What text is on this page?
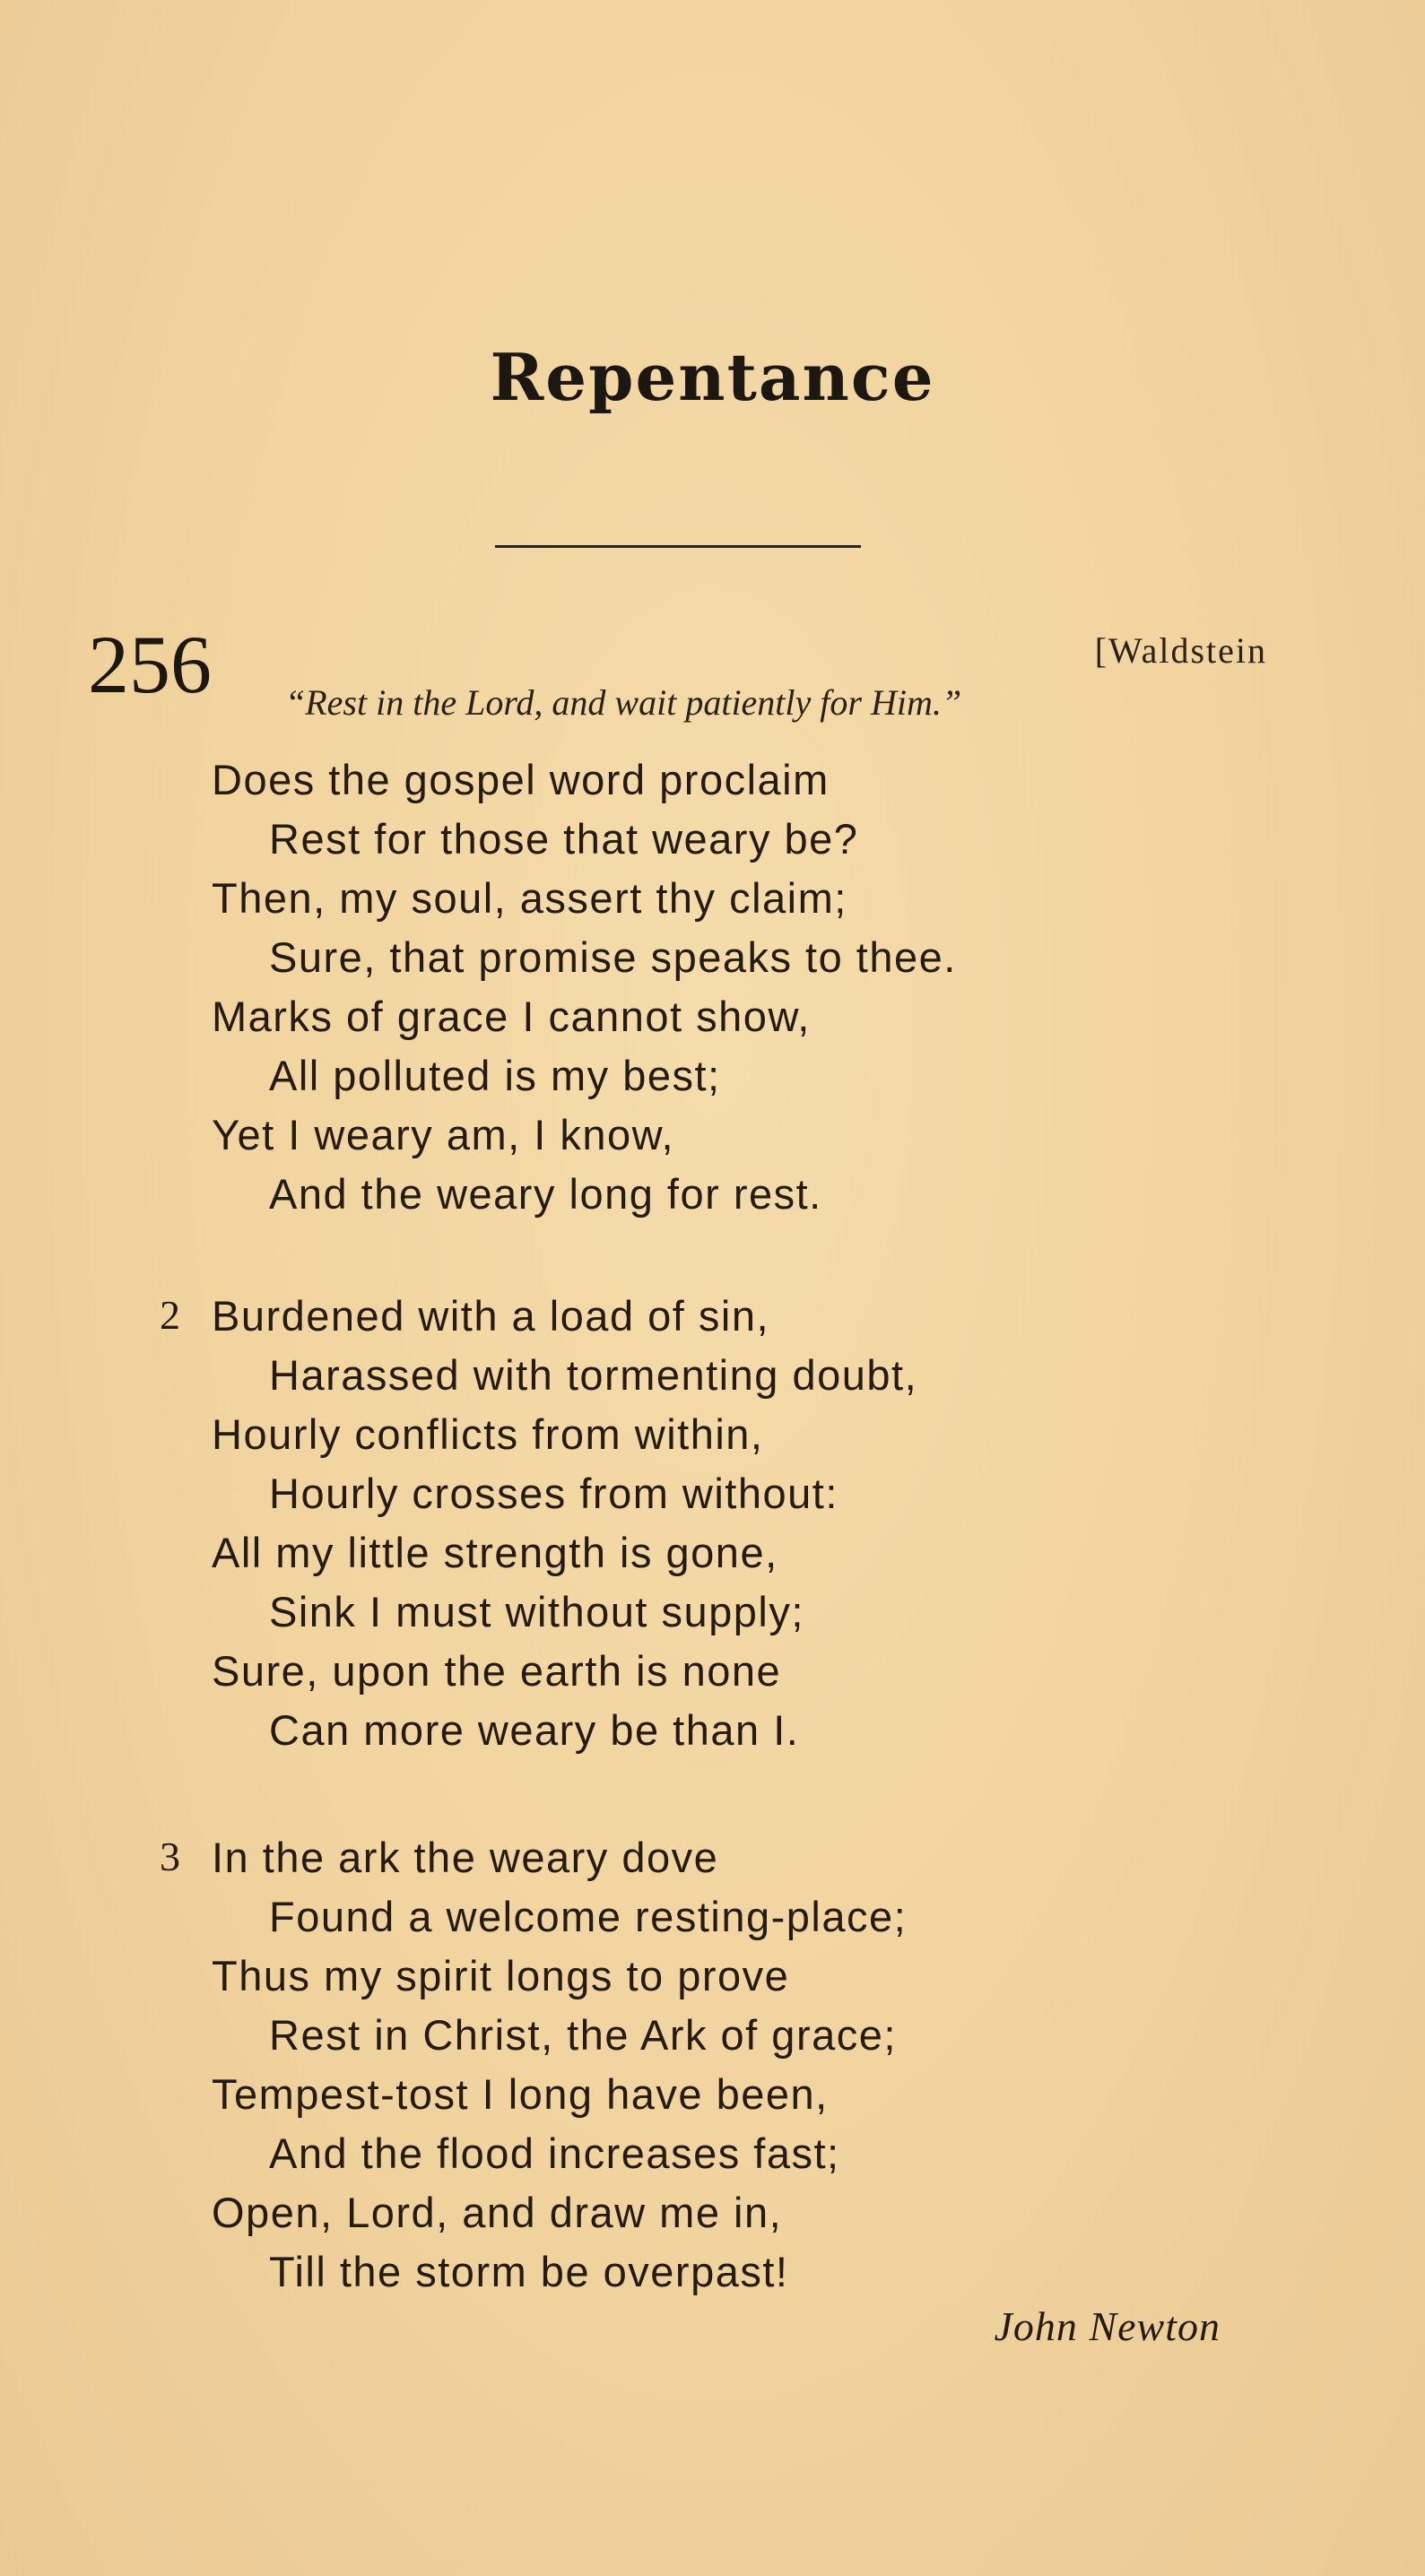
Repentance
256	[Waldstein
“Rest in the Lord, and wait patiently for Him.”
Does the gospel word proclaim
Rest for those that weary be?
Then, my soul, assert thy claim;
Sure, that promise speaks to thee.
Marks of grace I cannot show,
All polluted is my best;
Yet I weary am, I know,
And the weary long for rest.
2 Burdened with a load of sin,
Harassed with tormenting doubt,
Hourly conflicts from within,
Hourly crosses from without:
All my little strength is gone,
Sink I must without supply;
Sure, upon the earth is none
Can more weary be than I.
3 In the ark the weary dove
Found a welcome resting-place;
Thus my spirit longs to prove
Rest in Christ, the Ark of grace;
Tempest-tost I long have been,
And the flood increases fast;
Open, Lord, and draw me in,
Till the storm be overpast!
John Newton
